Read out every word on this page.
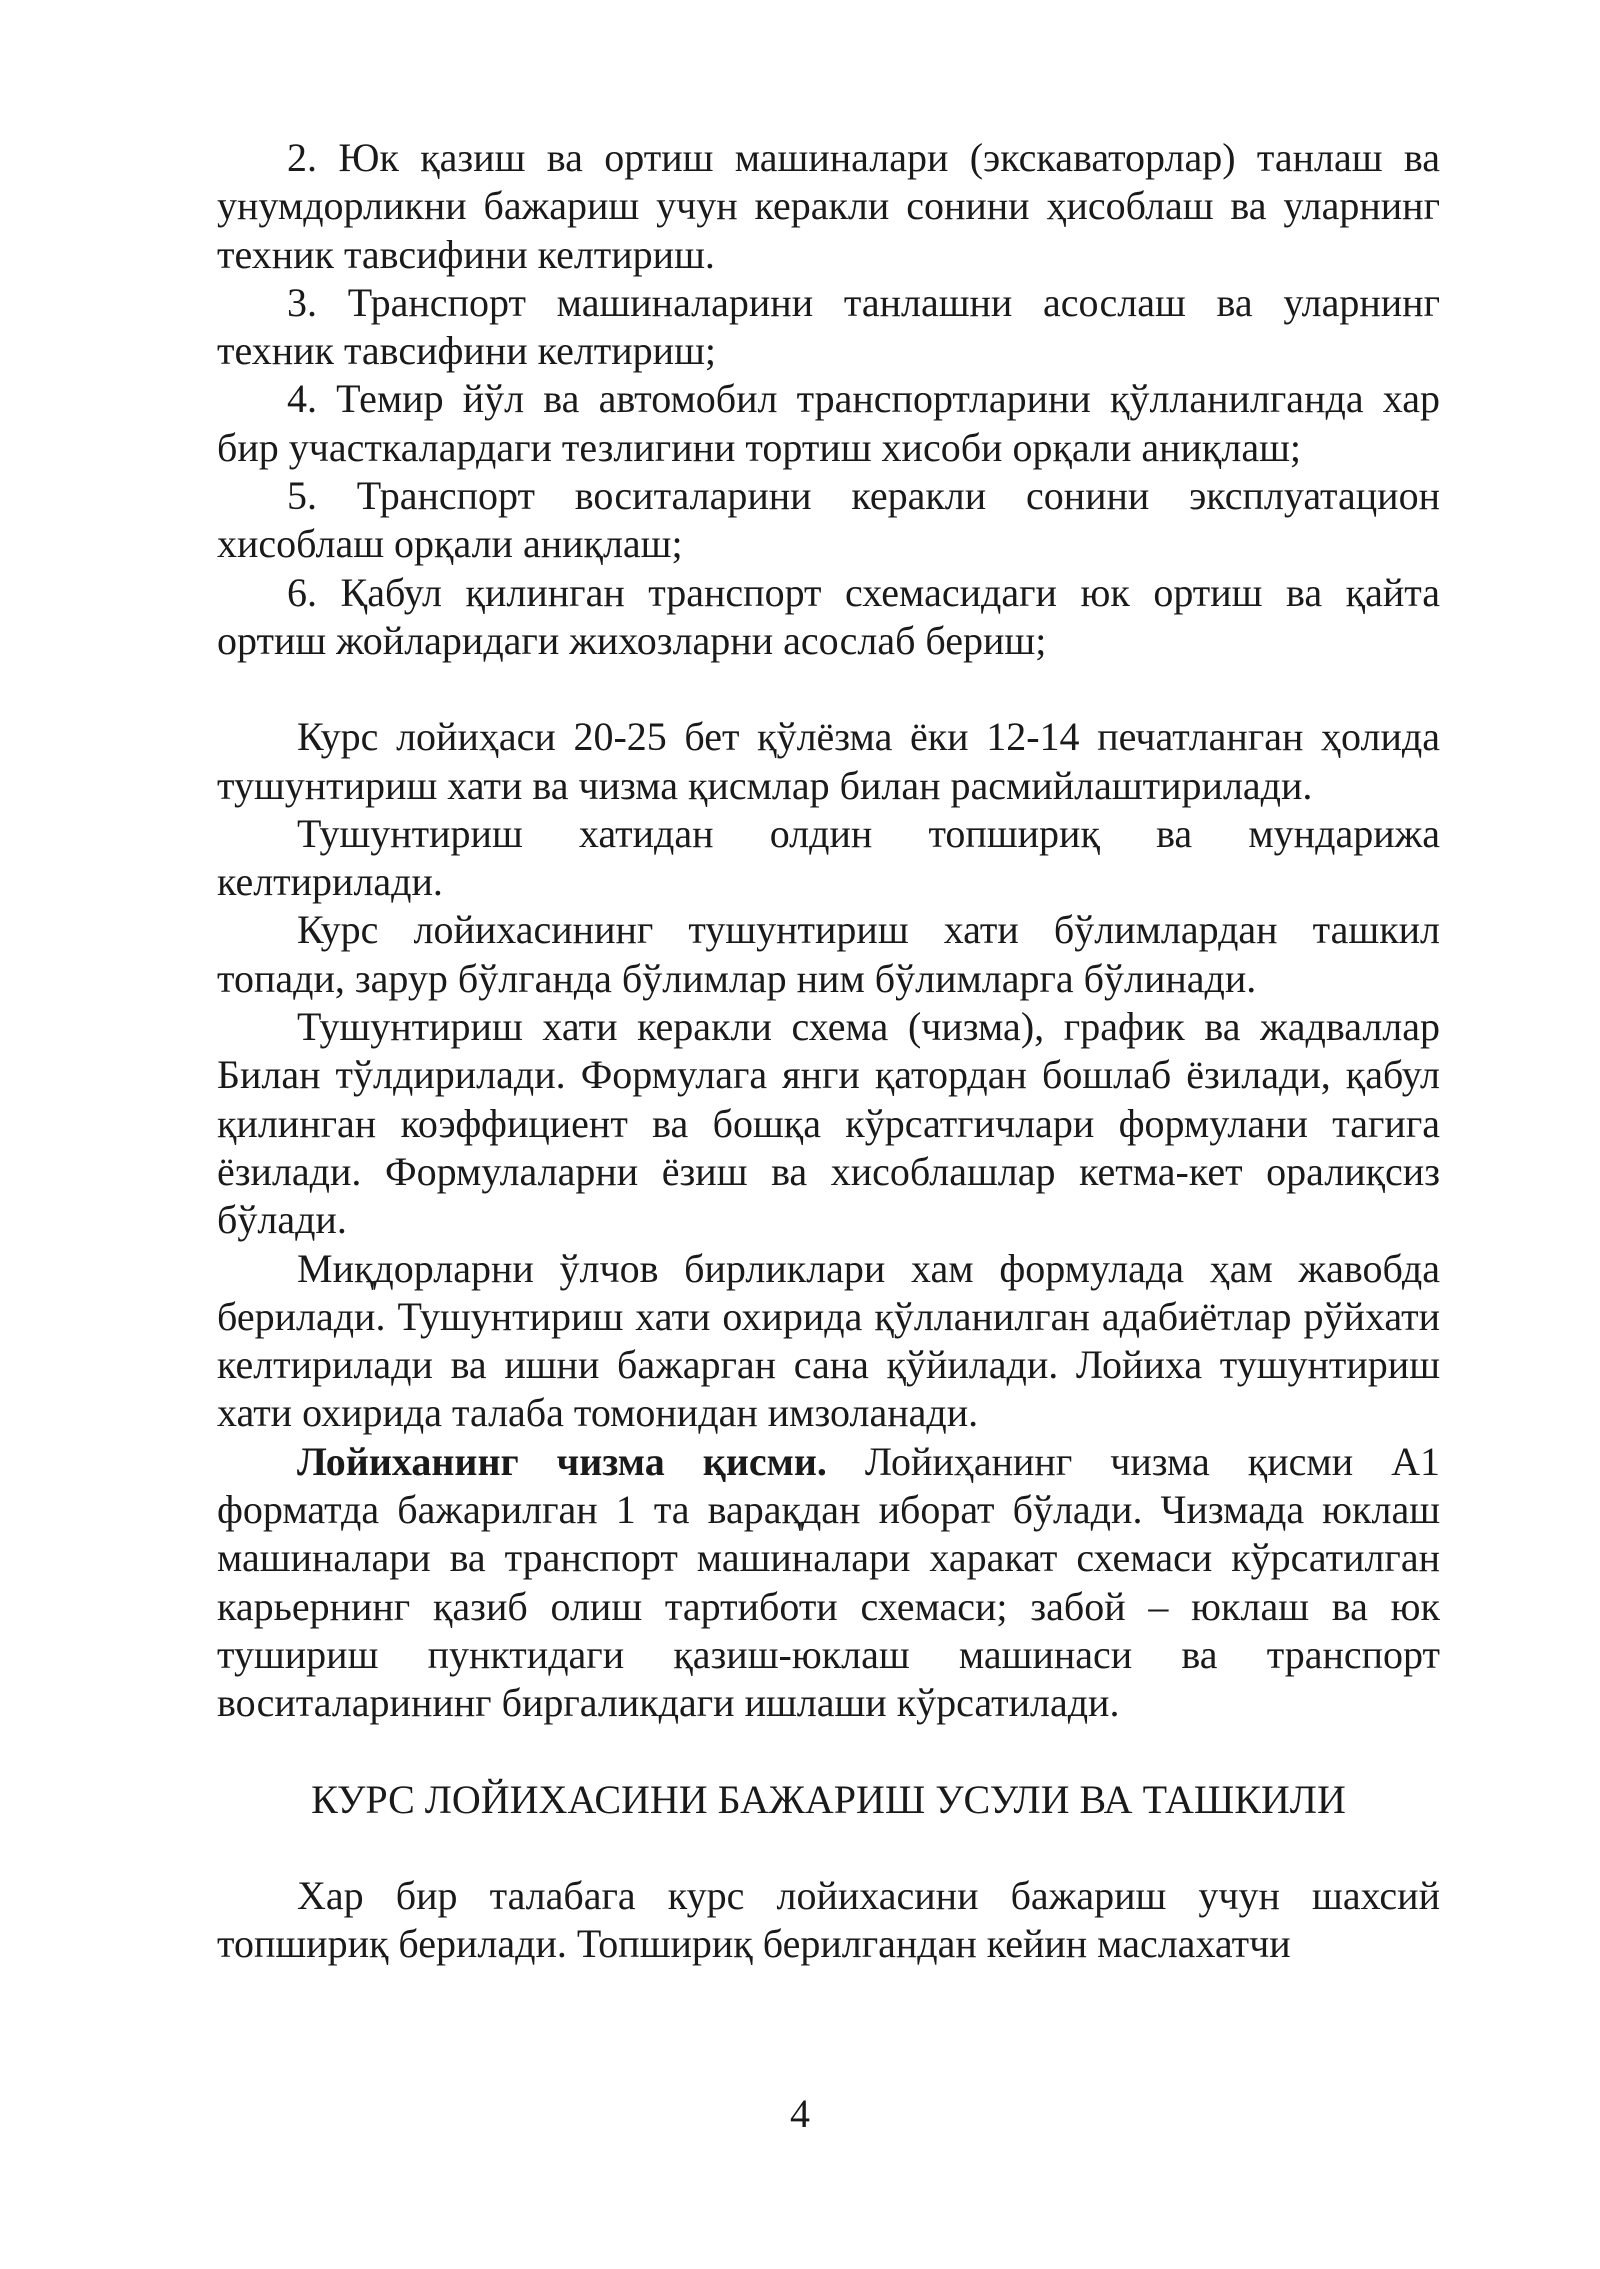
2. Юк қазиш ва ортиш машиналари (экскаваторлар) танлаш ва унумдорликни бажариш учун керакли сонини ҳисоблаш ва уларнинг техник тавсифини келтириш.

3. Транспорт машиналарини танлашни асослаш ва уларнинг техник тавсифини келтириш;

4. Темир йўл ва автомобил транспортларини қўлланилганда хар бир участкалардаги тезлигини тортиш хисоби орқали аниқлаш;

5. Транспорт воситаларини керакли сонини эксплуатацион хисоблаш орқали аниқлаш;

6. Қабул қилинган транспорт схемасидаги юк ортиш ва қайта ортиш жойларидаги жихозларни асослаб бериш;

Курс лойиҳаси 20-25 бет қўлёзма ёки 12-14 печатланган ҳолида тушунтириш хати ва чизма қисмлар билан расмийлаштирилади.

Тушунтириш хатидан олдин топшириқ ва мундарижа келтирилади.

Курс лойихасининг тушунтириш хати бўлимлардан ташкил топади, зарур бўлганда бўлимлар ним бўлимларга бўлинади.

Тушунтириш хати керакли схема (чизма), график ва жадваллар Билан тўлдирилади. Формулага янги қатордан бошлаб ёзилади, қабул қилинган коэффициент ва бошқа кўрсатгичлари формулани тагига ёзилади. Формулаларни ёзиш ва хисоблашлар кетма-кет оралиқсиз бўлади.

Миқдорларни ўлчов бирликлари хам формулада ҳам жавобда берилади. Тушунтириш хати охирида қўлланилган адабиётлар рўйхати келтирилади ва ишни бажарган сана қўйилади. Лойиха тушунтириш хати охирида талаба томонидан имзоланади.

Лойиханинг чизма қисми. Лойиҳанинг чизма қисми А1 форматда бажарилган 1 та варақдан иборат бўлади. Чизмада юклаш машиналари ва транспорт машиналари харакат схемаси кўрсатилган карьернинг қазиб олиш тартиботи схемаси; забой – юклаш ва юк тушириш пунктидаги қазиш-юклаш машинаси ва транспорт воситаларининг биргаликдаги ишлаши кўрсатилади.

КУРС ЛОЙИХАСИНИ БАЖАРИШ УСУЛИ ВА ТАШКИЛИ

Хар бир талабага курс лойихасини бажариш учун шахсий топшириқ берилади. Топшириқ берилгандан кейин маслахатчи

4
